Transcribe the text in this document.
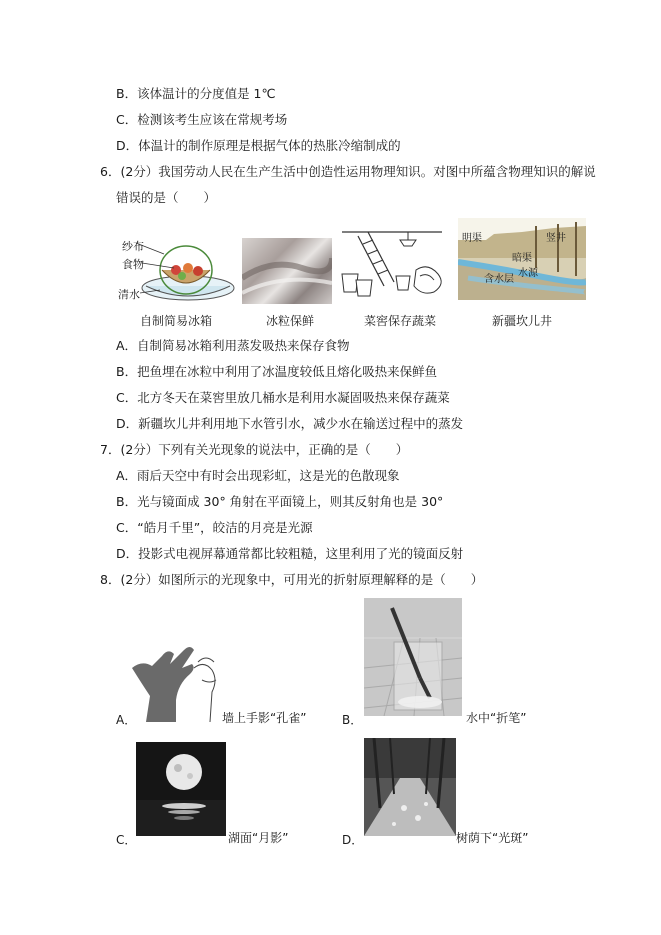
B．该体温计的分度值是 1℃
C．检测该考生应该在常规考场
D．体温计的制作原理是根据气体的热胀冷缩制成的
6．(2分）我国劳动人民在生产生活中创造性运用物理知识。对图中所蕴含物理知识的解说
错误的是（　　）
纱布
食物
清水
明渠	竖井
暗渠
含水层
水源
自制简易冰箱	冰粒保鲜	菜窖保存蔬菜	新疆坎儿井
A．自制简易冰箱利用蒸发吸热来保存食物
B．把鱼埋在冰粒中利用了冰温度较低且熔化吸热来保鲜鱼
C．北方冬天在菜窖里放几桶水是利用水凝固吸热来保存蔬菜
D．新疆坎儿井利用地下水管引水，减少水在输送过程中的蒸发
7．(2分）下列有关光现象的说法中，正确的是（　　）
A．雨后天空中有时会出现彩虹，这是光的色散现象
B．光与镜面成 30° 角射在平面镜上，则其反射角也是 30°
C．“皓月千里”，皎洁的月亮是光源
D．投影式电视屏幕通常都比较粗糙，这里利用了光的镜面反射
8．(2分）如图所示的光现象中，可用光的折射原理解释的是（　　）
A．	墙上手影“孔雀”	B．	水中“折笔”
C．	湖面“月影”	D．	树荫下“光斑”
